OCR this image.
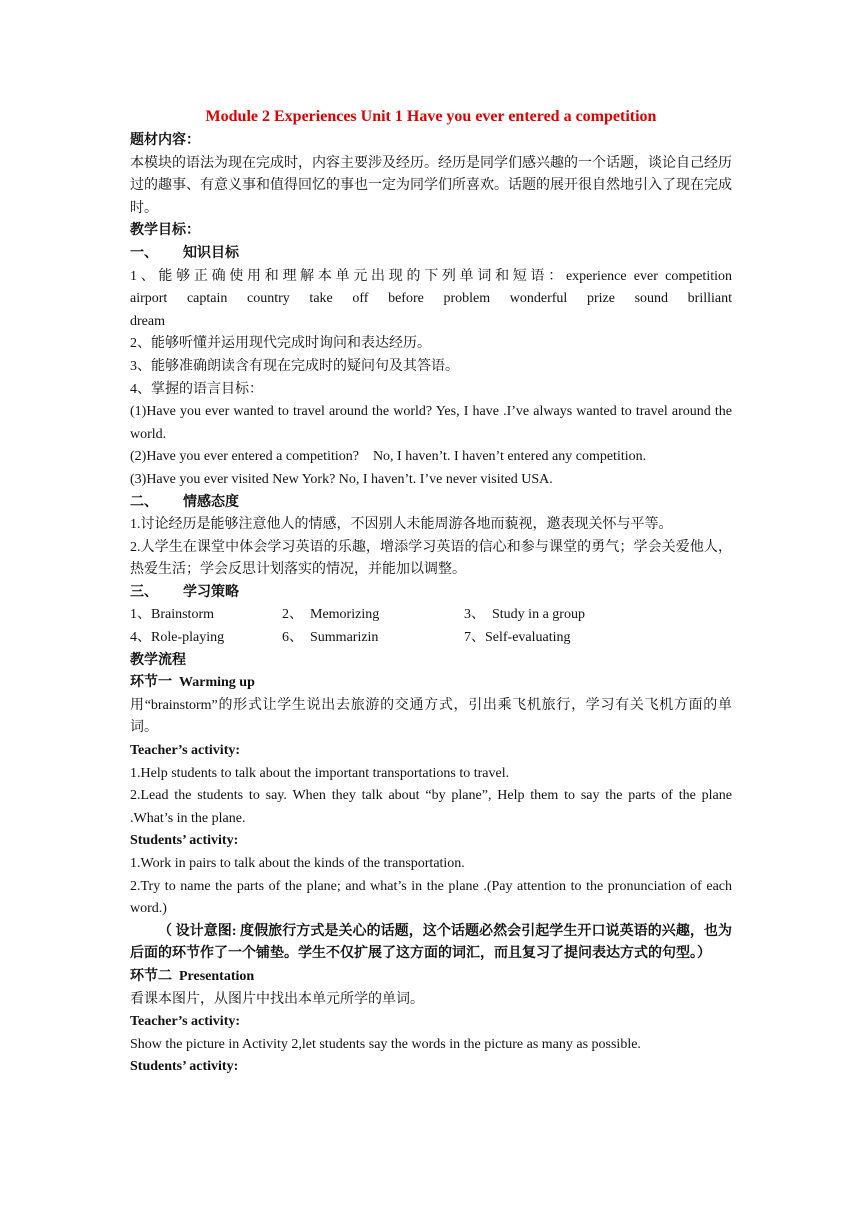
Module 2 Experiences Unit 1 Have you ever entered a competition

题材内容：

本模块的语法为现在完成时，内容主要涉及经历。经历是同学们感兴趣的一个话题，谈论自己经历过的趣事、有意义事和值得回忆的事也一定为同学们所喜欢。话题的展开很自然地引入了现在完成时。

教学目标：

一、	知识目标

1、能够正确使用和理解本单元出现的下列单词和短语：experience ever competition

airport captain country take off before problem wonderful prize sound brilliant

dream

2、能够听懂并运用现代完成时询问和表达经历。

3、能够准确朗读含有现在完成时的疑问句及其答语。

4、掌握的语言目标：

(1)Have you ever wanted to travel around the world? Yes, I have .I’ve always wanted to travel around the world.

(2)Have you ever entered a competition?    No, I haven’t. I haven’t entered any competition.

(3)Have you ever visited New York? No, I haven’t. I’ve never visited USA.

二、	情感态度

1.讨论经历是能够注意他人的情感，不因别人未能周游各地而藐视，邀表现关怀与平等。

2.人学生在课堂中体会学习英语的乐趣，增添学习英语的信心和参与课堂的勇气；学会关爱他人，热爱生活；学会反思计划落实的情况，并能加以调整。

三、	学习策略
1、Brainstorm	2、  Memorizing	3、  Study in a group
4、Role-playing	6、  Summarizin	7、Self-evaluating

教学流程

环节一 Warming up

用“brainstorm”的形式让学生说出去旅游的交通方式，引出乘飞机旅行，学习有关飞机方面的单词。

Teacher’s activity:

1.Help students to talk about the important transportations to travel.

2.Lead the students to say. When they talk about “by plane”, Help them to say the parts of the plane .What’s in the plane.

Students’ activity:

1.Work in pairs to talk about the kinds of the transportation.

2.Try to name the parts of the plane; and what’s in the plane .(Pay attention to the pronunciation of each word.)

（ 设计意图: 度假旅行方式是关心的话题，这个话题必然会引起学生开口说英语的兴趣，也为后面的环节作了一个铺垫。学生不仅扩展了这方面的词汇，而且复习了提问表达方式的句型。）

环节二 Presentation

看课本图片，从图片中找出本单元所学的单词。

Teacher’s activity:

Show the picture in Activity 2,let students say the words in the picture as many as possible.

Students’ activity:
